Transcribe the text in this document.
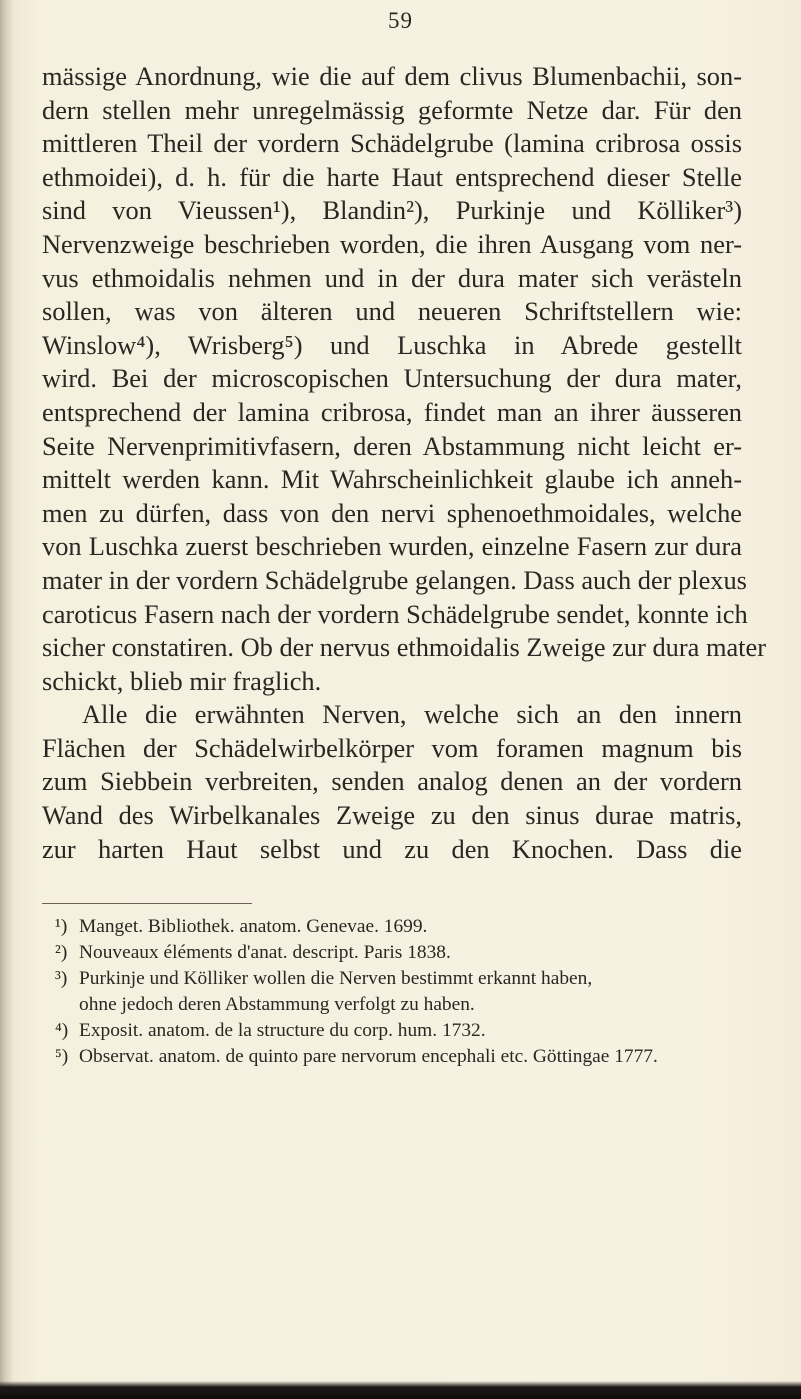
59
mässige Anordnung, wie die auf dem clivus Blumenbachii, son-
dern stellen mehr unregelmässig geformte Netze dar. Für den
mittleren Theil der vordern Schädelgrube (lamina cribrosa ossis
ethmoidei), d. h. für die harte Haut entsprechend dieser Stelle
sind von Vieussen¹), Blandin²), Purkinje und Kölliker³)
Nervenzweige beschrieben worden, die ihren Ausgang vom ner-
vus ethmoidalis nehmen und in der dura mater sich verästeln
sollen, was von älteren und neueren Schriftstellern wie:
Winslow⁴), Wrisberg⁵) und Luschka in Abrede gestellt
wird. Bei der microscopischen Untersuchung der dura mater,
entsprechend der lamina cribrosa, findet man an ihrer äusseren
Seite Nervenprimitivfasern, deren Abstammung nicht leicht er-
mittelt werden kann. Mit Wahrscheinlichkeit glaube ich anneh-
men zu dürfen, dass von den nervi sphenoethmoidales, welche
von Luschka zuerst beschrieben wurden, einzelne Fasern zur dura
mater in der vordern Schädelgrube gelangen. Dass auch der plexus
caroticus Fasern nach der vordern Schädelgrube sendet, konnte ich
sicher constatiren. Ob der nervus ethmoidalis Zweige zur dura mater
schickt, blieb mir fraglich.
Alle die erwähnten Nerven, welche sich an den innern
Flächen der Schädelwirbelkörper vom foramen magnum bis
zum Siebbein verbreiten, senden analog denen an der vordern
Wand des Wirbelkanales Zweige zu den sinus durae matris,
zur harten Haut selbst und zu den Knochen. Dass die
¹) Manget. Bibliothek. anatom. Genevae. 1699.
²) Nouveaux éléments d'anat. descript. Paris 1838.
³) Purkinje und Kölliker wollen die Nerven bestimmt erkannt haben,
ohne jedoch deren Abstammung verfolgt zu haben.
⁴) Exposit. anatom. de la structure du corp. hum. 1732.
⁵) Observat. anatom. de quinto pare nervorum encephali etc. Göttingae 1777.
